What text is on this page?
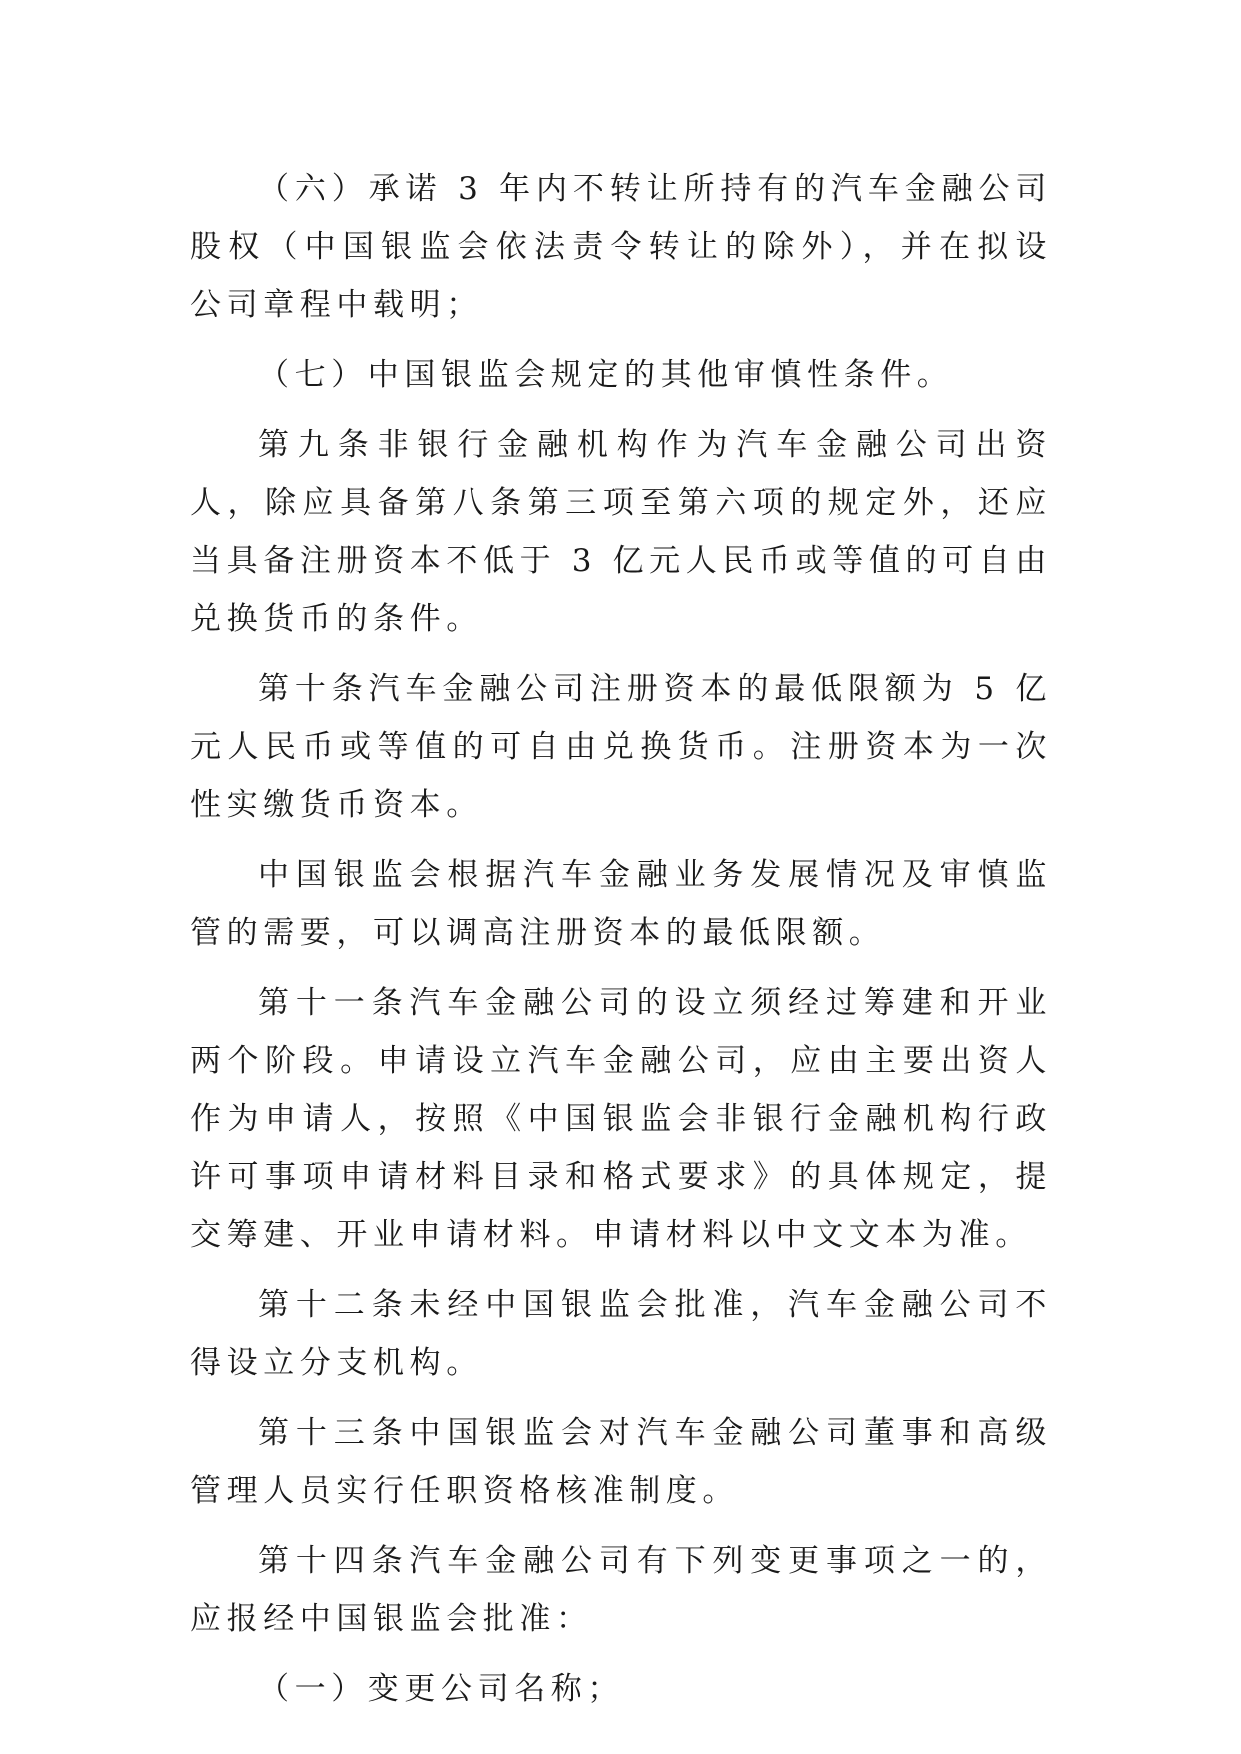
（六）承诺 3 年内不转让所持有的汽车金融公司股权（中国银监会依法责令转让的除外），并在拟设公司章程中载明；

（七）中国银监会规定的其他审慎性条件。

第九条非银行金融机构作为汽车金融公司出资人，除应具备第八条第三项至第六项的规定外，还应当具备注册资本不低于 3 亿元人民币或等值的可自由兑换货币的条件。

第十条汽车金融公司注册资本的最低限额为 5 亿元人民币或等值的可自由兑换货币。注册资本为一次性实缴货币资本。

中国银监会根据汽车金融业务发展情况及审慎监管的需要，可以调高注册资本的最低限额。

第十一条汽车金融公司的设立须经过筹建和开业两个阶段。申请设立汽车金融公司，应由主要出资人作为申请人，按照《中国银监会非银行金融机构行政许可事项申请材料目录和格式要求》的具体规定，提交筹建、开业申请材料。申请材料以中文文本为准。

第十二条未经中国银监会批准，汽车金融公司不得设立分支机构。

第十三条中国银监会对汽车金融公司董事和高级管理人员实行任职资格核准制度。

第十四条汽车金融公司有下列变更事项之一的，应报经中国银监会批准：

（一）变更公司名称；
